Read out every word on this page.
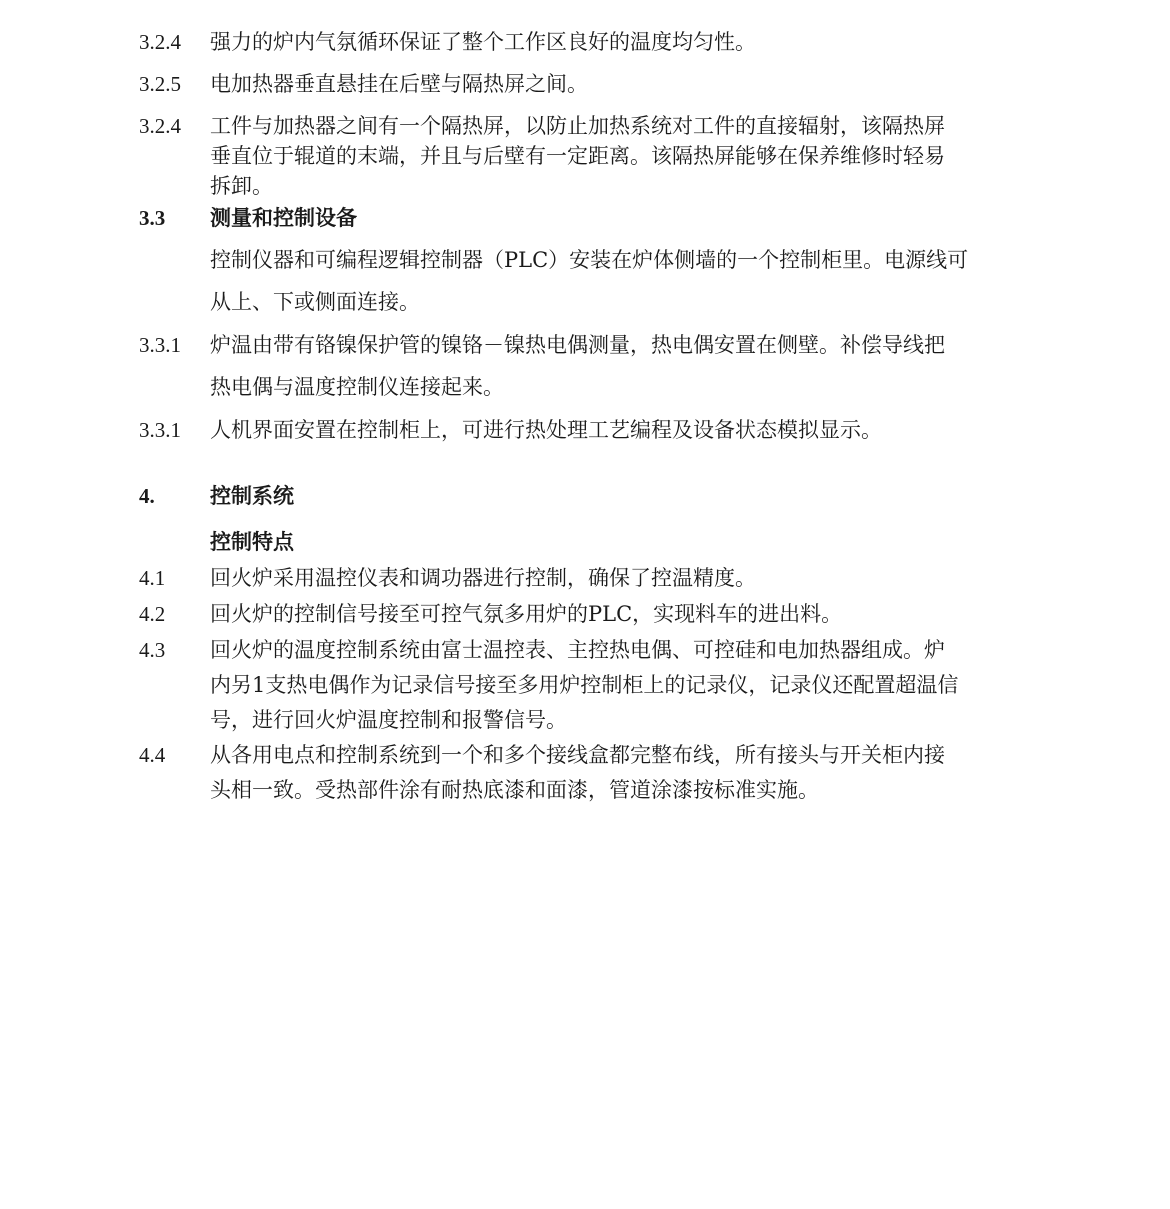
3.2.4 强力的炉内气氛循环保证了整个工作区良好的温度均匀性。
3.2.5 电加热器垂直悬挂在后壁与隔热屏之间。
3.2.4 工件与加热器之间有一个隔热屏，以防止加热系统对工件的直接辐射，该隔热屏
垂直位于辊道的末端，并且与后壁有一定距离。该隔热屏能够在保养维修时轻易
拆卸。
3.3 测量和控制设备
控制仪器和可编程逻辑控制器（PLC）安装在炉体侧墙的一个控制柜里。电源线可
从上、下或侧面连接。
3.3.1 炉温由带有铬镍保护管的镍铬－镍热电偶测量，热电偶安置在侧壁。补偿导线把
热电偶与温度控制仪连接起来。
3.3.1 人机界面安置在控制柜上，可进行热处理工艺编程及设备状态模拟显示。
4.	控制系统
控制特点
4.1 回火炉采用温控仪表和调功器进行控制，确保了控温精度。
4.2 回火炉的控制信号接至可控气氛多用炉的PLC，实现料车的进出料。
4.3 回火炉的温度控制系统由富士温控表、主控热电偶、可控硅和电加热器组成。炉
内另1支热电偶作为记录信号接至多用炉控制柜上的记录仪，记录仪还配置超温信
号，进行回火炉温度控制和报警信号。
4.4 从各用电点和控制系统到一个和多个接线盒都完整布线，所有接头与开关柜内接
头相一致。受热部件涂有耐热底漆和面漆，管道涂漆按标准实施。
